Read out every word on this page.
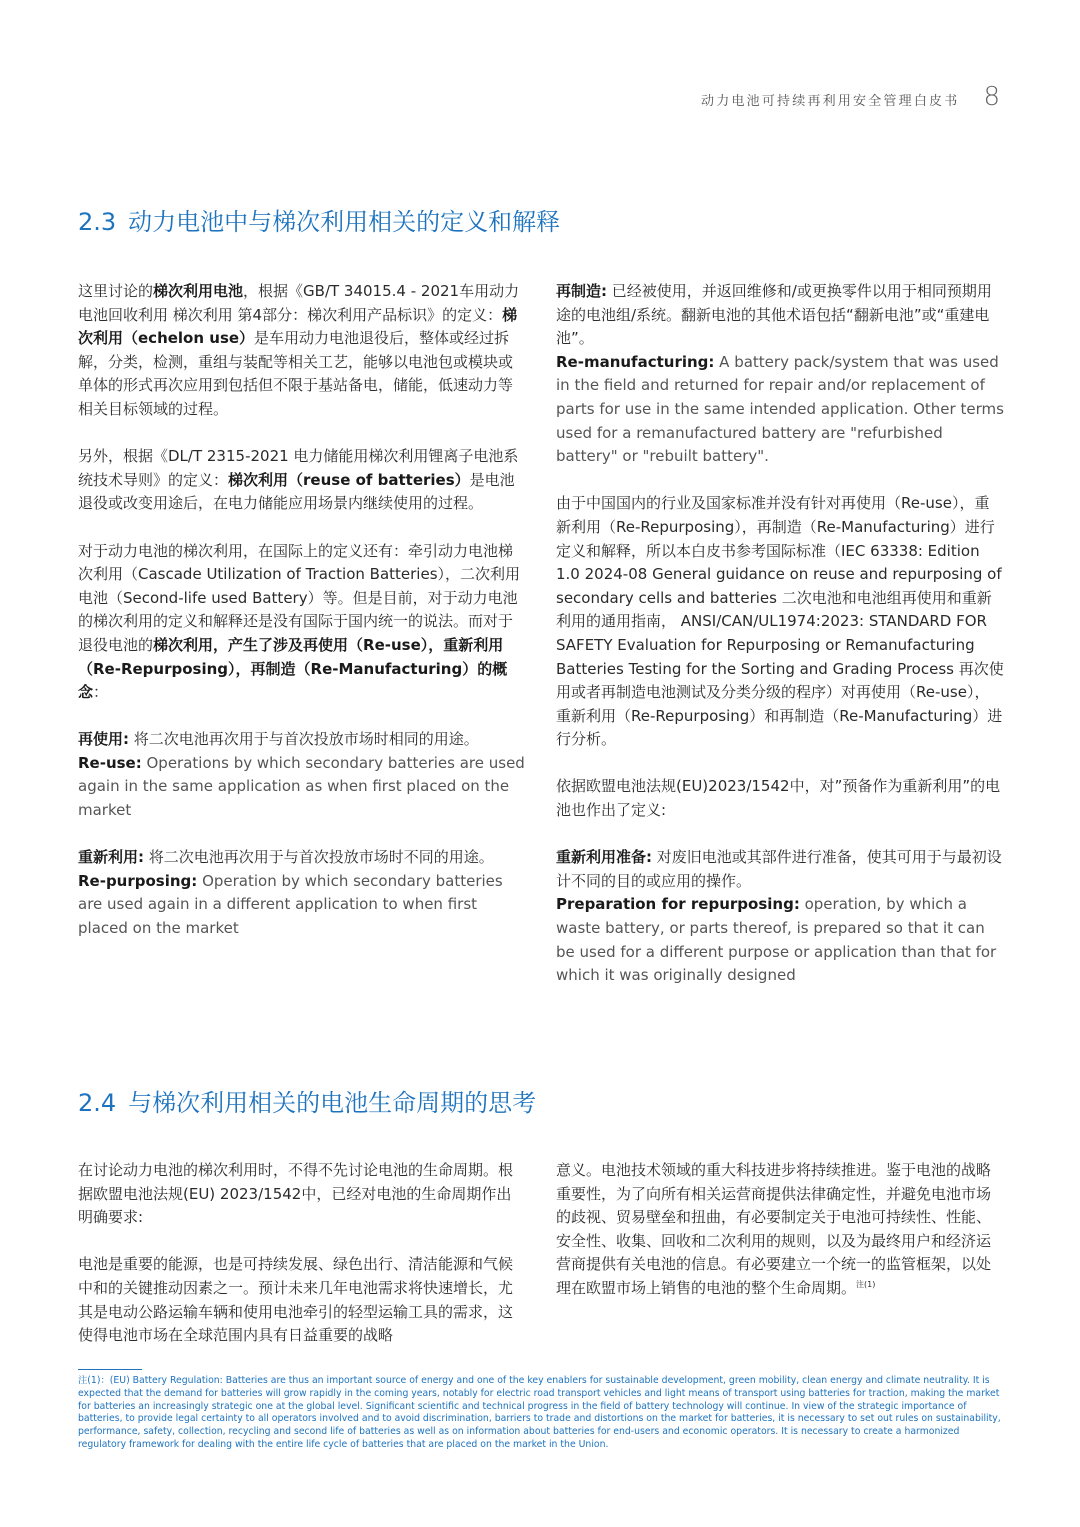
动力电池可持续再利用安全管理白皮书 8
2.3 动力电池中与梯次利用相关的定义和解释

这里讨论的梯次利用电池，根据《GB/T 34015.4 - 2021车用动力电池回收利用 梯次利用 第4部分：梯次利用产品标识》的定义：梯次利用（echelon use）是车用动力电池退役后，整体或经过拆解，分类，检测，重组与装配等相关工艺，能够以电池包或模块或单体的形式再次应用到包括但不限于基站备电，储能，低速动力等相关目标领域的过程。

另外，根据《DL/T 2315-2021 电力储能用梯次利用锂离子电池系统技术导则》的定义：梯次利用（reuse of batteries）是电池退役或改变用途后，在电力储能应用场景内继续使用的过程。

对于动力电池的梯次利用，在国际上的定义还有：牵引动力电池梯次利用（Cascade Utilization of Traction Batteries），二次利用电池（Second-life used Battery）等。但是目前，对于动力电池的梯次利用的定义和解释还是没有国际于国内统一的说法。而对于退役电池的梯次利用，产生了涉及再使用（Re-use），重新利用（Re-Repurposing），再制造（Re-Manufacturing）的概念：

再使用: 将二次电池再次用于与首次投放市场时相同的用途。
Re-use: Operations by which secondary batteries are used again in the same application as when first placed on the market

重新利用: 将二次电池再次用于与首次投放市场时不同的用途。
Re-purposing: Operation by which secondary batteries are used again in a different application to when first placed on the market

再制造: 已经被使用，并返回维修和/或更换零件以用于相同预期用途的电池组/系统。翻新电池的其他术语包括“翻新电池”或“重建电池”。
Re-manufacturing: A battery pack/system that was used in the field and returned for repair and/or replacement of parts for use in the same intended application. Other terms used for a remanufactured battery are "refurbished battery" or "rebuilt battery".

由于中国国内的行业及国家标准并没有针对再使用（Re-use），重新利用（Re-Repurposing），再制造（Re-Manufacturing）进行定义和解释，所以本白皮书参考国际标准（IEC 63338: Edition 1.0 2024-08 General guidance on reuse and repurposing of secondary cells and batteries 二次电池和电池组再使用和重新利用的通用指南， ANSI/CAN/UL1974:2023: STANDARD FOR SAFETY Evaluation for Repurposing or Remanufacturing Batteries Testing for the Sorting and Grading Process 再次使用或者再制造电池测试及分类分级的程序）对再使用（Re-use），重新利用（Re-Repurposing）和再制造（Re-Manufacturing）进行分析。

依据欧盟电池法规(EU)2023/1542中，对”预备作为重新利用”的电池也作出了定义:

重新利用准备: 对废旧电池或其部件进行准备，使其可用于与最初设计不同的目的或应用的操作。
Preparation for repurposing: operation, by which a waste battery, or parts thereof, is prepared so that it can be used for a different purpose or application than that for which it was originally designed

2.4 与梯次利用相关的电池生命周期的思考

在讨论动力电池的梯次利用时，不得不先讨论电池的生命周期。根据欧盟电池法规(EU) 2023/1542中，已经对电池的生命周期作出明确要求:

电池是重要的能源，也是可持续发展、绿色出行、清洁能源和气候中和的关键推动因素之一。预计未来几年电池需求将快速增长，尤其是电动公路运输车辆和使用电池牵引的轻型运输工具的需求，这使得电池市场在全球范围内具有日益重要的战略

意义。电池技术领域的重大科技进步将持续推进。鉴于电池的战略重要性，为了向所有相关运营商提供法律确定性，并避免电池市场的歧视、贸易壁垒和扭曲，有必要制定关于电池可持续性、性能、安全性、收集、回收和二次利用的规则，以及为最终用户和经济运营商提供有关电池的信息。有必要建立一个统一的监管框架，以处理在欧盟市场上销售的电池的整个生命周期。$^{注(1)}$

注(1)：(EU) Battery Regulation: Batteries are thus an important source of energy and one of the key enablers for sustainable development, green mobility, clean energy and climate neutrality. It is expected that the demand for batteries will grow rapidly in the coming years, notably for electric road transport vehicles and light means of transport using batteries for traction, making the market for batteries an increasingly strategic one at the global level. Significant scientific and technical progress in the field of battery technology will continue. In view of the strategic importance of batteries, to provide legal certainty to all operators involved and to avoid discrimination, barriers to trade and distortions on the market for batteries, it is necessary to set out rules on sustainability, performance, safety, collection, recycling and second life of batteries as well as on information about batteries for end-users and economic operators. It is necessary to create a harmonized regulatory framework for dealing with the entire life cycle of batteries that are placed on the market in the Union.
